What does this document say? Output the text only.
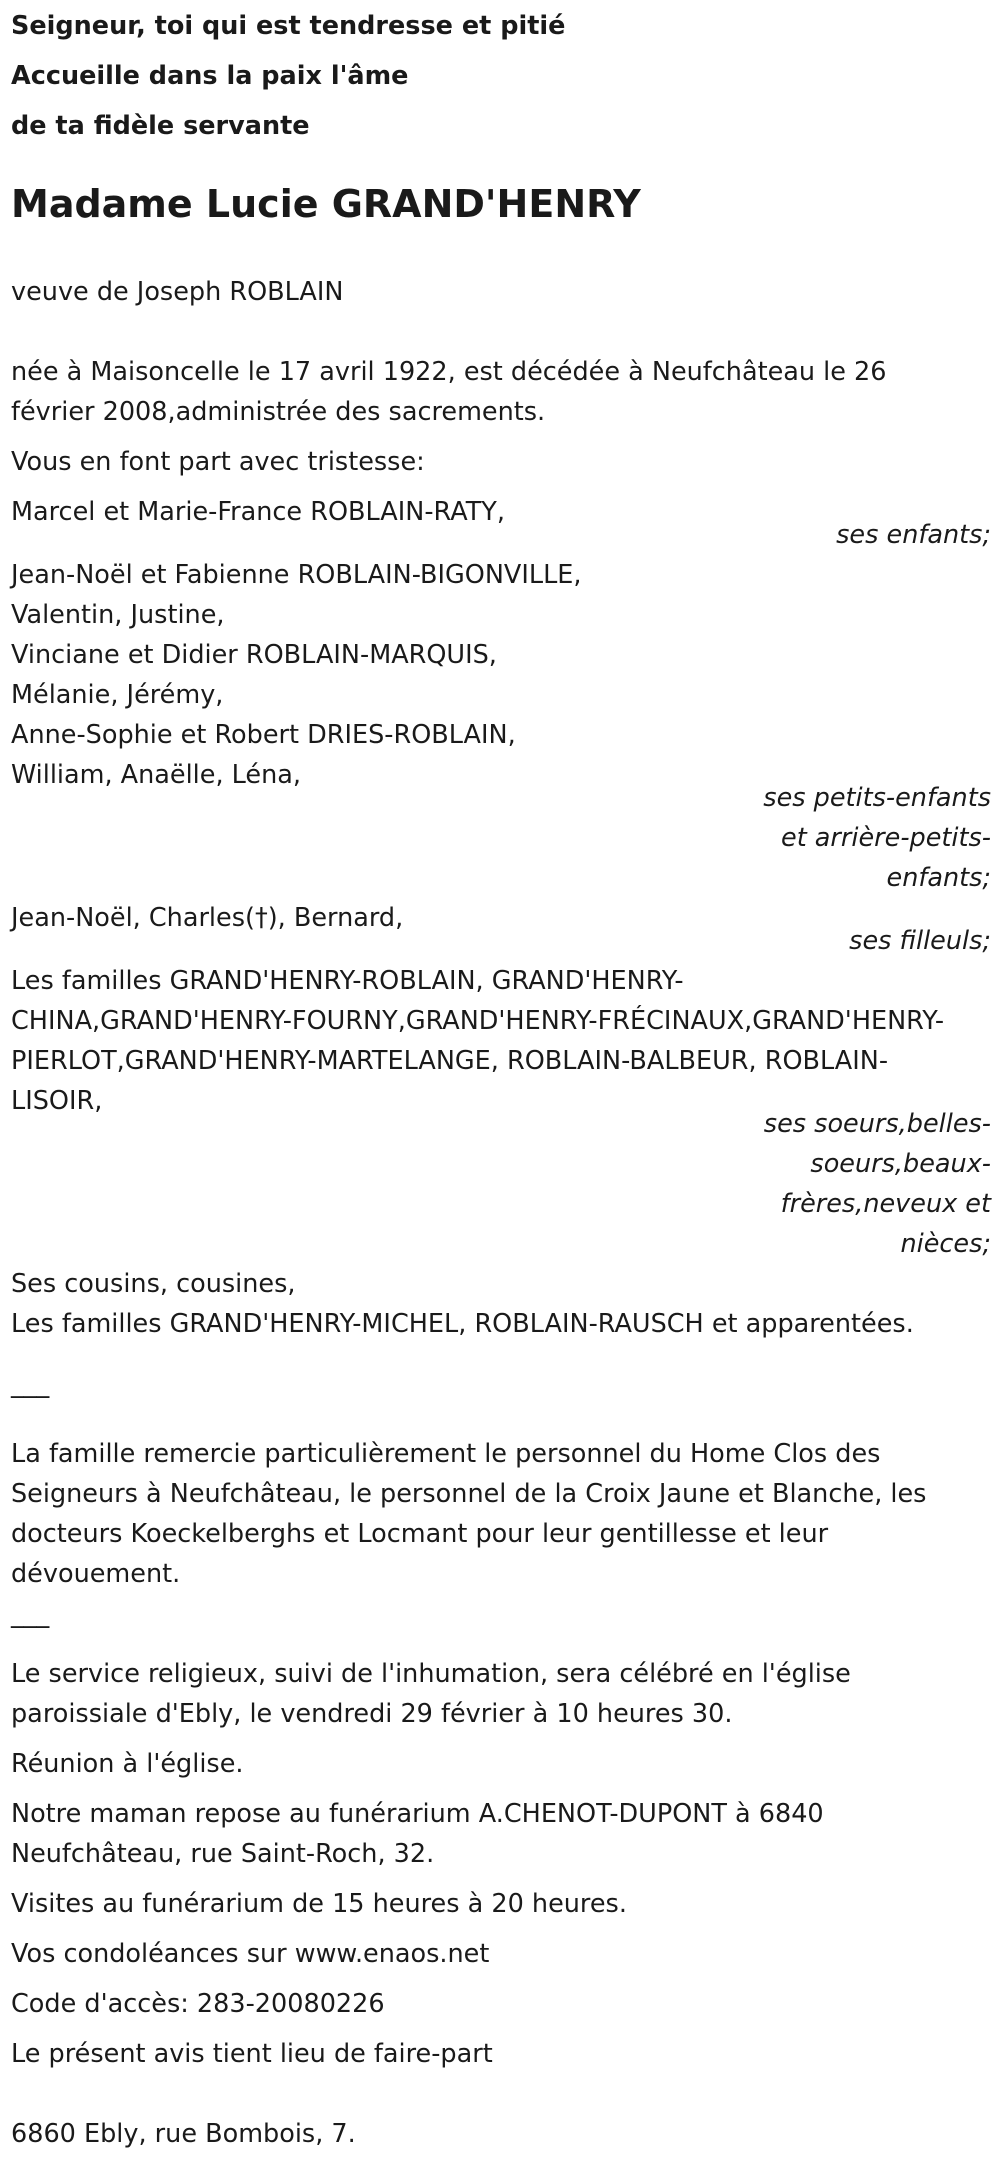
Seigneur, toi qui est tendresse et pitié
Accueille dans la paix l'âme
de ta fidèle servante
Madame Lucie GRAND'HENRY
veuve de Joseph ROBLAIN
née à Maisoncelle le 17 avril 1922, est décédée à Neufchâteau le 26
février 2008,administrée des sacrements.
Vous en font part avec tristesse:
Marcel et Marie-France ROBLAIN-RATY,
ses enfants;
Jean-Noël et Fabienne ROBLAIN-BIGONVILLE,
Valentin, Justine,
Vinciane et Didier ROBLAIN-MARQUIS,
Mélanie, Jérémy,
Anne-Sophie et Robert DRIES-ROBLAIN,
William, Anaëlle, Léna,
ses petits-enfants
et arrière-petits-
enfants;
Jean-Noël, Charles(†), Bernard,
ses filleuls;
Les familles GRAND'HENRY-ROBLAIN, GRAND'HENRY-
CHINA,GRAND'HENRY-FOURNY,GRAND'HENRY-FRÉCINAUX,GRAND'HENRY-
PIERLOT,GRAND'HENRY-MARTELANGE, ROBLAIN-BALBEUR, ROBLAIN-
LISOIR,
ses soeurs,belles-
soeurs,beaux-
frères,neveux et
nièces;
Ses cousins, cousines,
Les familles GRAND'HENRY-MICHEL, ROBLAIN-RAUSCH et apparentées.
___
La famille remercie particulièrement le personnel du Home Clos des
Seigneurs à Neufchâteau, le personnel de la Croix Jaune et Blanche, les
docteurs Koeckelberghs et Locmant pour leur gentillesse et leur
dévouement.
___
Le service religieux, suivi de l'inhumation, sera célébré en l'église
paroissiale d'Ebly, le vendredi 29 février à 10 heures 30.
Réunion à l'église.
Notre maman repose au funérarium A.CHENOT-DUPONT à 6840
Neufchâteau, rue Saint-Roch, 32.
Visites au funérarium de 15 heures à 20 heures.
Vos condoléances sur www.enaos.net
Code d'accès: 283-20080226
Le présent avis tient lieu de faire-part
6860 Ebly, rue Bombois, 7.
